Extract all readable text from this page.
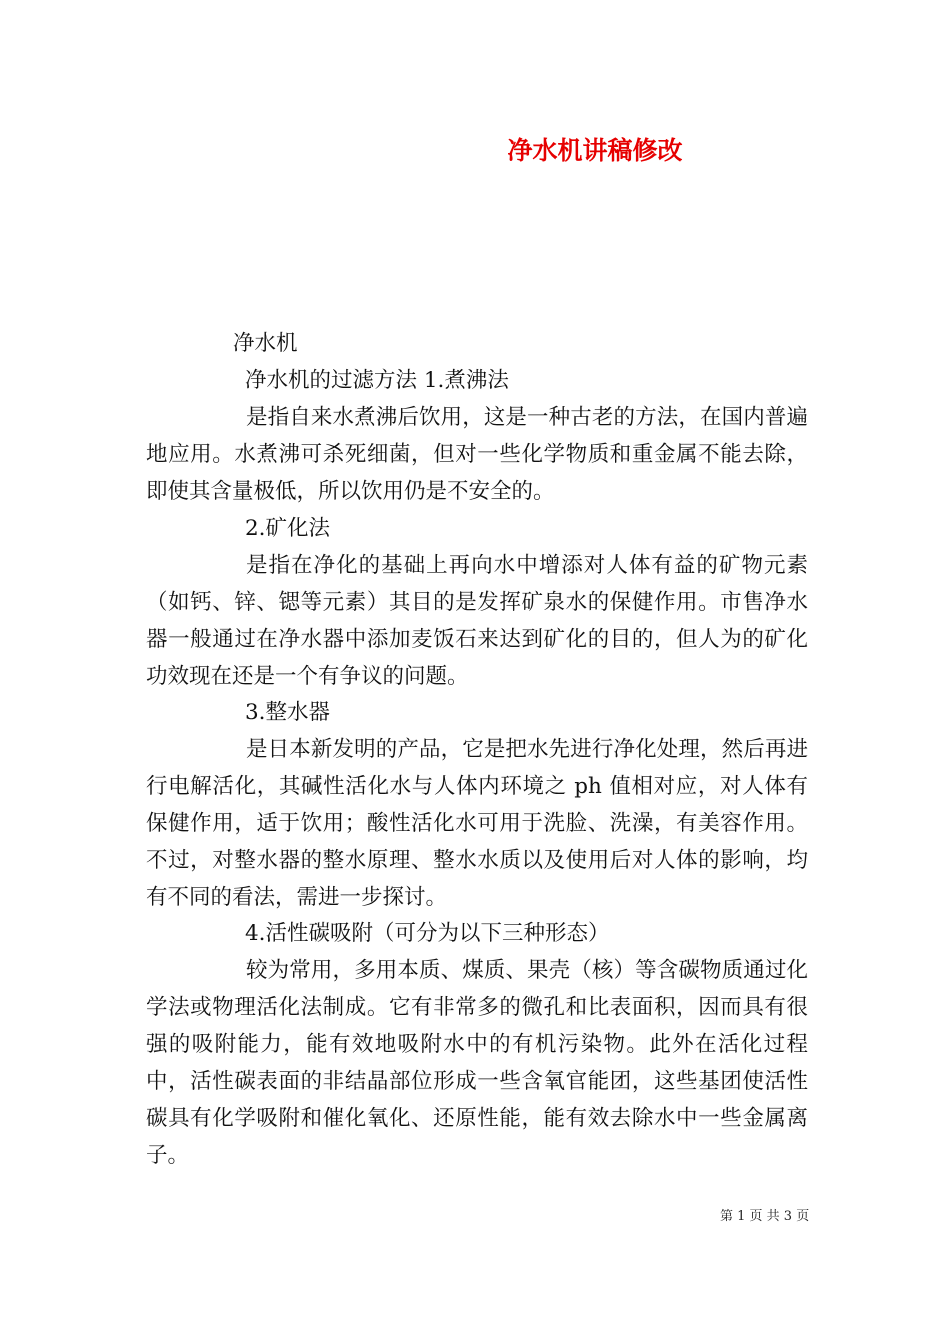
净水机讲稿修改
净水机
净水机的过滤方法 1.煮沸法

是指自来水煮沸后饮用，这是一种古老的方法，在国内普遍地应用。水煮沸可杀死细菌，但对一些化学物质和重金属不能去除，即使其含量极低，所以饮用仍是不安全的。

2.矿化法

是指在净化的基础上再向水中增添对人体有益的矿物元素（如钙、锌、锶等元素）其目的是发挥矿泉水的保健作用。市售净水器一般通过在净水器中添加麦饭石来达到矿化的目的，但人为的矿化功效现在还是一个有争议的问题。

3.整水器

是日本新发明的产品，它是把水先进行净化处理，然后再进行电解活化，其碱性活化水与人体内环境之 ph 值相对应，对人体有保健作用，适于饮用；酸性活化水可用于洗脸、洗澡，有美容作用。不过，对整水器的整水原理、整水水质以及使用后对人体的影响，均有不同的看法，需进一步探讨。

4.活性碳吸附（可分为以下三种形态）

较为常用，多用本质、煤质、果壳（核）等含碳物质通过化学法或物理活化法制成。它有非常多的微孔和比表面积，因而具有很强的吸附能力，能有效地吸附水中的有机污染物。此外在活化过程中，活性碳表面的非结晶部位形成一些含氧官能团，这些基团使活性碳具有化学吸附和催化氧化、还原性能，能有效去除水中一些金属离子。

第 1 页 共 3 页
